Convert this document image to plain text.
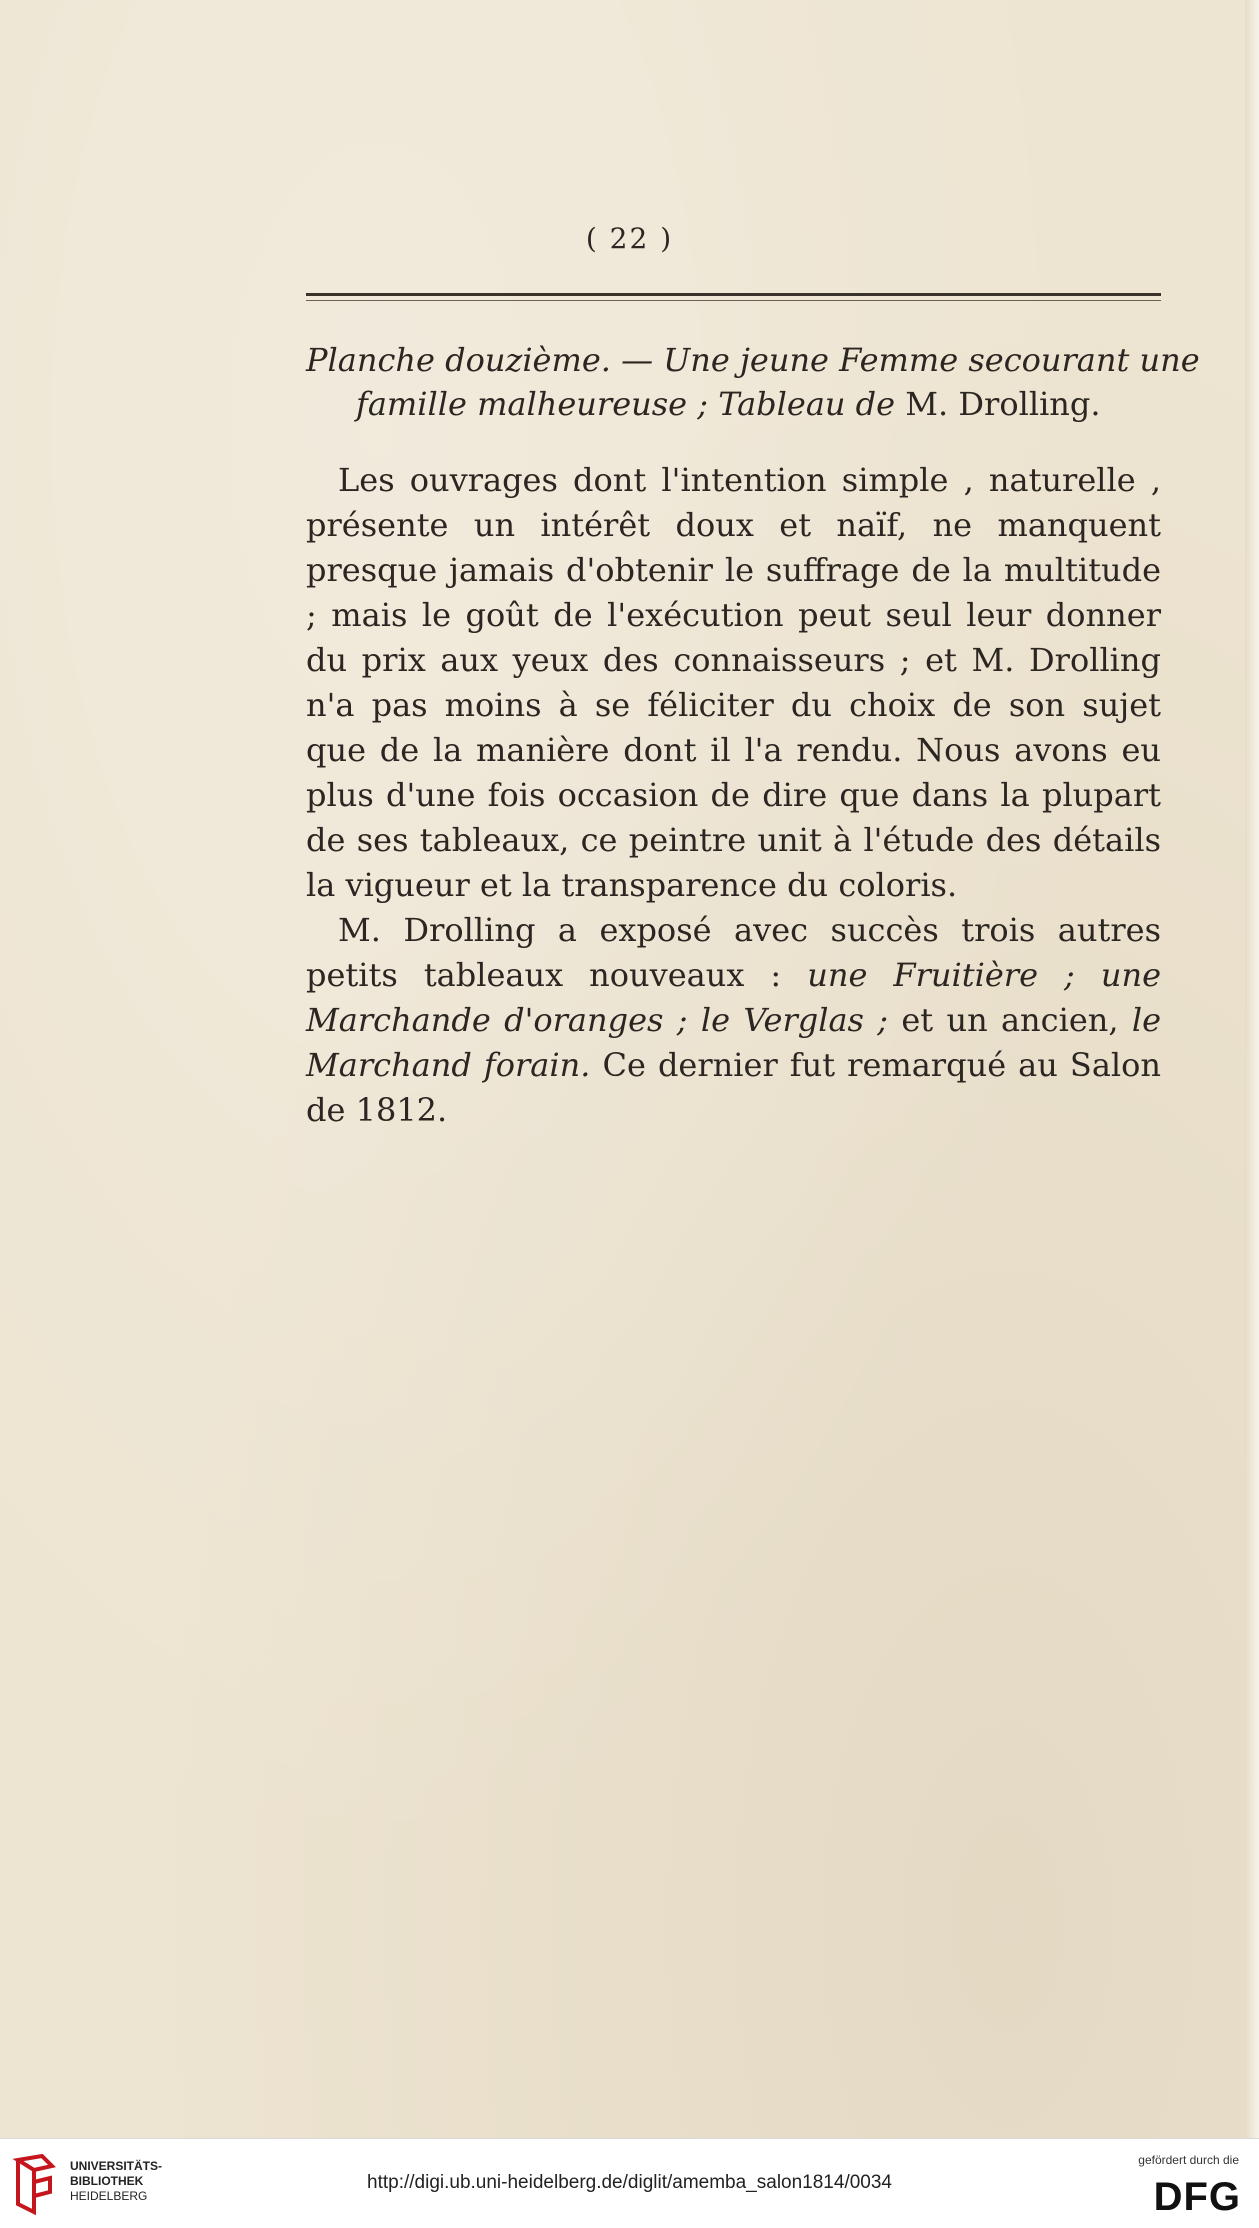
( 22 )
Planche douzième. — Une jeune Femme secourant une
famille malheureuse ; Tableau de M. Drolling.

Les ouvrages dont l'intention simple , naturelle , présente un intérêt doux et naïf, ne manquent presque jamais d'obtenir le suffrage de la multitude ; mais le goût de l'exécution peut seul leur donner du prix aux yeux des connaisseurs ; et M. Drolling n'a pas moins à se féliciter du choix de son sujet que de la manière dont il l'a rendu. Nous avons eu plus d'une fois occasion de dire que dans la plupart de ses tableaux, ce peintre unit à l'étude des détails la vigueur et la transparence du coloris.

M. Drolling a exposé avec succès trois autres petits tableaux nouveaux : une Fruitière ; une Marchande d'oranges ; le Verglas ; et un ancien, le Marchand forain. Ce dernier fut remarqué au Salon de 1812.

UNIVERSITÄTS-
BIBLIOTHEK
HEIDELBERG
http://digi.ub.uni-heidelberg.de/diglit/amemba_salon1814/0034
gefördert durch die
DFG
